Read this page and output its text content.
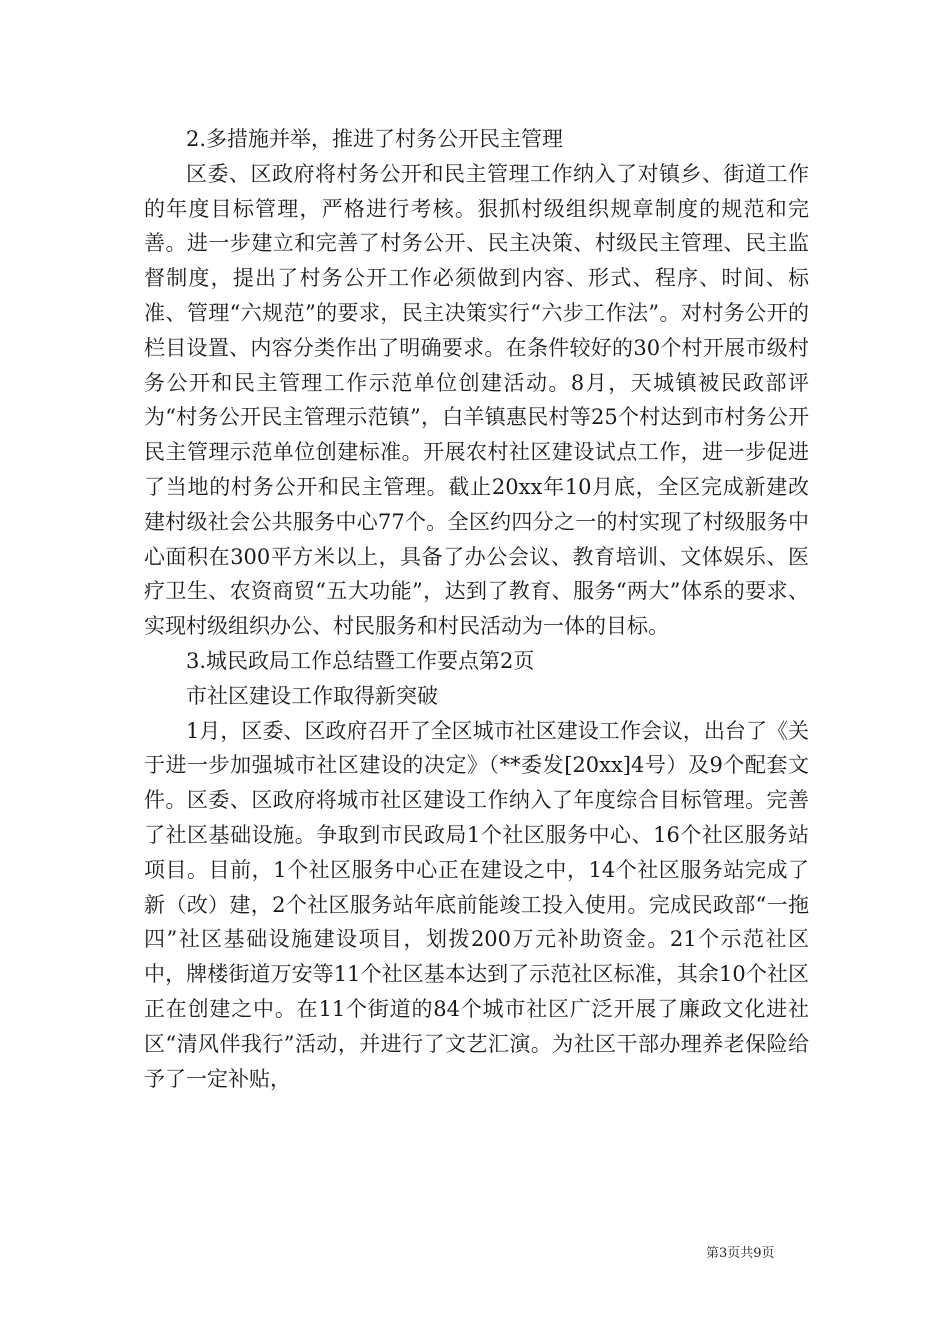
2.多措施并举，推进了村务公开民主管理

区委、区政府将村务公开和民主管理工作纳入了对镇乡、街道工作的年度目标管理，严格进行考核。狠抓村级组织规章制度的规范和完善。进一步建立和完善了村务公开、民主决策、村级民主管理、民主监督制度，提出了村务公开工作必须做到内容、形式、程序、时间、标准、管理“六规范”的要求，民主决策实行“六步工作法”。对村务公开的栏目设置、内容分类作出了明确要求。在条件较好的30个村开展市级村务公开和民主管理工作示范单位创建活动。8月，天城镇被民政部评为“村务公开民主管理示范镇”，白羊镇惠民村等25个村达到市村务公开民主管理示范单位创建标准。开展农村社区建设试点工作，进一步促进了当地的村务公开和民主管理。截止20xx年10月底，全区完成新建改建村级社会公共服务中心77个。全区约四分之一的村实现了村级服务中心面积在300平方米以上，具备了办公会议、教育培训、文体娱乐、医疗卫生、农资商贸“五大功能”，达到了教育、服务“两大”体系的要求、实现村级组织办公、村民服务和村民活动为一体的目标。

3.城民政局工作总结暨工作要点第2页

市社区建设工作取得新突破

1月，区委、区政府召开了全区城市社区建设工作会议，出台了《关于进一步加强城市社区建设的决定》（**委发[20xx]4号）及9个配套文件。区委、区政府将城市社区建设工作纳入了年度综合目标管理。完善了社区基础设施。争取到市民政局1个社区服务中心、16个社区服务站项目。目前，1个社区服务中心正在建设之中，14个社区服务站完成了新（改）建，2个社区服务站年底前能竣工投入使用。完成民政部“一拖四”社区基础设施建设项目，划拨200万元补助资金。21个示范社区中，牌楼街道万安等11个社区基本达到了示范社区标准，其余10个社区正在创建之中。在11个街道的84个城市社区广泛开展了廉政文化进社区“清风伴我行”活动，并进行了文艺汇演。为社区干部办理养老保险给予了一定补贴，

第3页共9页
